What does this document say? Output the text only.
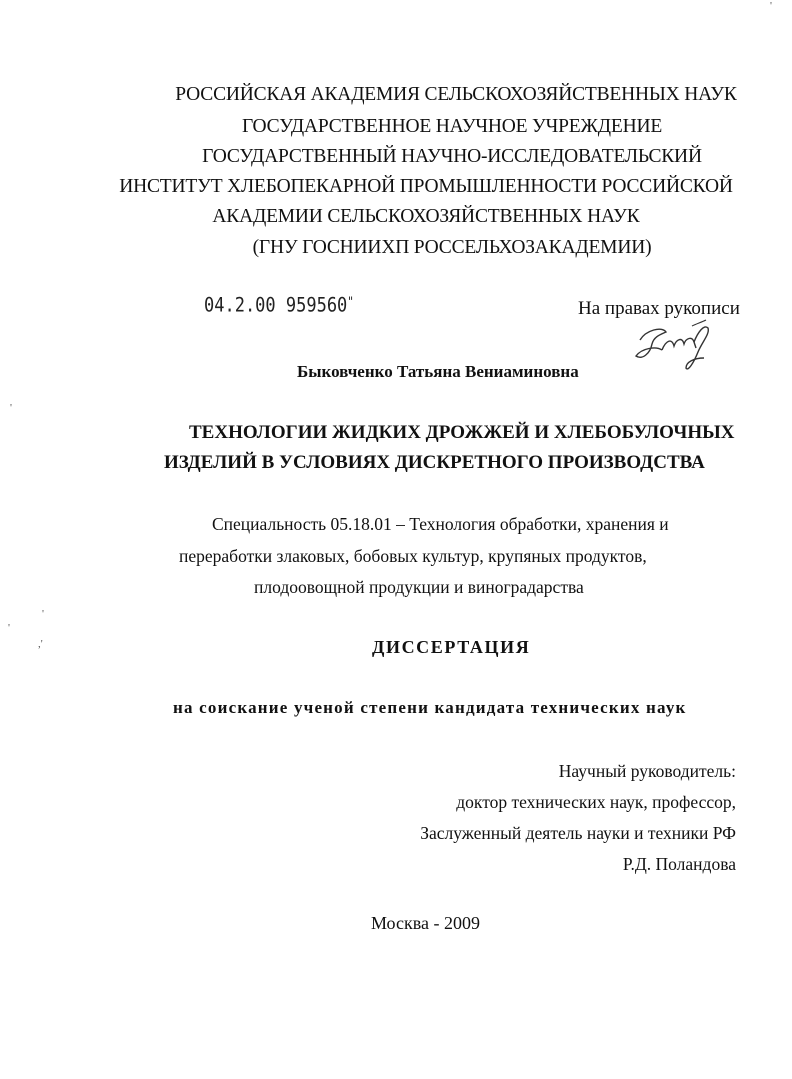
РОССИЙСКАЯ АКАДЕМИЯ СЕЛЬСКОХОЗЯЙСТВЕННЫХ НАУК
ГОСУДАРСТВЕННОЕ НАУЧНОЕ УЧРЕЖДЕНИЕ
ГОСУДАРСТВЕННЫЙ НАУЧНО-ИССЛЕДОВАТЕЛЬСКИЙ
ИНСТИТУТ ХЛЕБОПЕКАРНОЙ ПРОМЫШЛЕННОСТИ РОССИЙСКОЙ
АКАДЕМИИ СЕЛЬСКОХОЗЯЙСТВЕННЫХ НАУК
(ГНУ ГОСНИИХП РОССЕЛЬХОЗАКАДЕМИИ)
04.2.00 959560"	На правах рукописи
Быковченко Татьяна Вениаминовна
ТЕХНОЛОГИИ ЖИДКИХ ДРОЖЖЕЙ И ХЛЕБОБУЛОЧНЫХ
ИЗДЕЛИЙ В УСЛОВИЯХ ДИСКРЕТНОГО ПРОИЗВОДСТВА
Специальность 05.18.01 – Технология обработки, хранения и
переработки злаковых, бобовых культур, крупяных продуктов,
плодоовощной продукции и виноградарства
ДИССЕРТАЦИЯ
на соискание ученой степени кандидата технических наук
Научный руководитель:
доктор технических наук, профессор,
Заслуженный деятель науки и техники РФ
Р.Д. Поландова
Москва - 2009
'
'
'
,'
'
